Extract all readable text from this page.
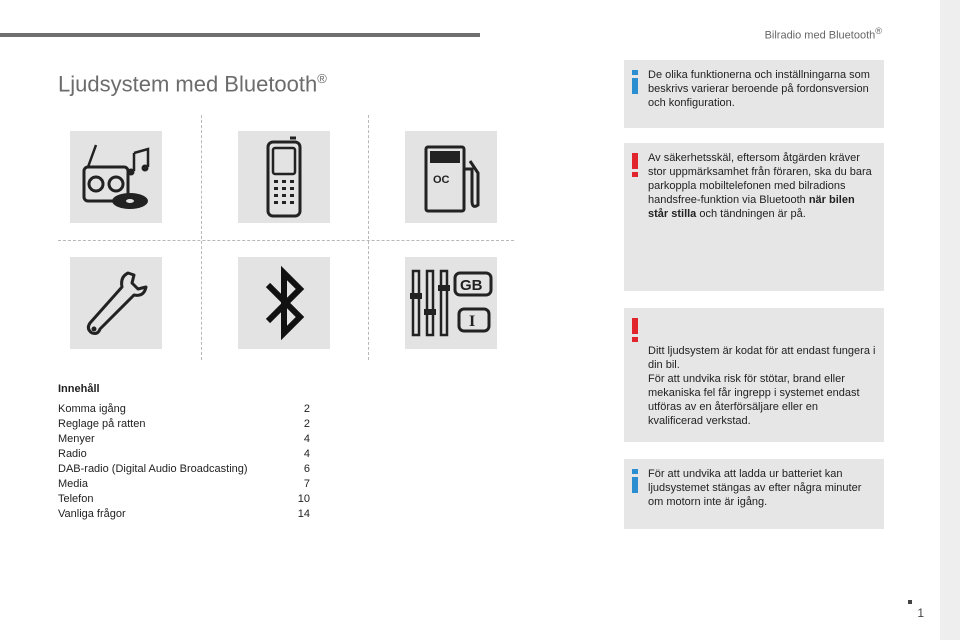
Bilradio med Bluetooth®
Ljudsystem med Bluetooth®
OC
GB
I
Innehåll
Komma igång	2
Reglage på ratten	2
Menyer	4
Radio	4
DAB-radio (Digital Audio Broadcasting)	6
Media	7
Telefon	10
Vanliga frågor	14
De olika funktionerna och inställningarna som beskrivs varierar beroende på fordonsversion och konfiguration.
Av säkerhetsskäl, eftersom åtgärden kräver stor uppmärksamhet från föraren, ska du bara parkoppla mobiltelefonen med bilradions handsfree-funktion via Bluetooth när bilen står stilla och tändningen är på.

Ditt ljudsystem är kodat för att endast fungera i din bil.
För att undvika risk för stötar, brand eller mekaniska fel får ingrepp i systemet endast utföras av en återförsäljare eller en kvalificerad verkstad.

För att undvika att ladda ur batteriet kan ljudsystemet stängas av efter några minuter om motorn inte är igång.
1
